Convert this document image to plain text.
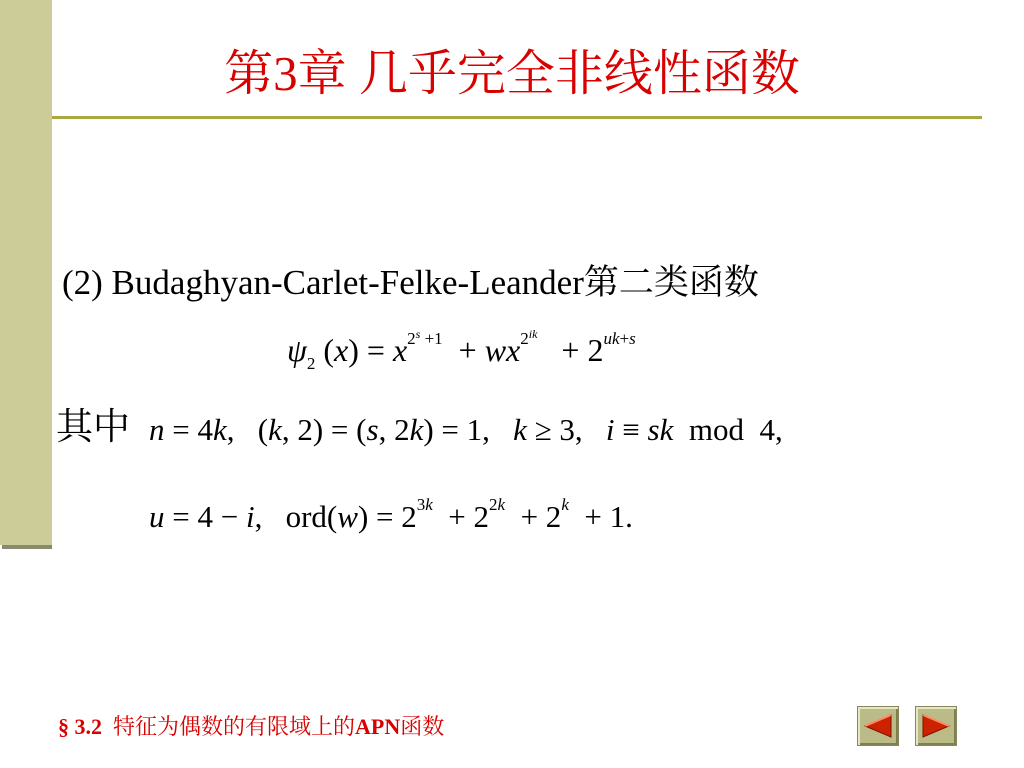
第3章 几乎完全非线性函数
(2) Budaghyan-Carlet-Felke-Leander第二类函数
$\psi_2$ $(x) = x^{2^s +1} + wx^{2^{ik}} + 2^{uk+s}$
其中 n = 4k,   (k, 2) = (s, 2k) = 1,   k ≥ 3,   i ≡ sk  mod  4,
u = 4 − i,   $ord(w) = 2^{3k} + 2^{2k} + 2^k + 1$.
§ 3.2 特征为偶数的有限域上的APN函数
